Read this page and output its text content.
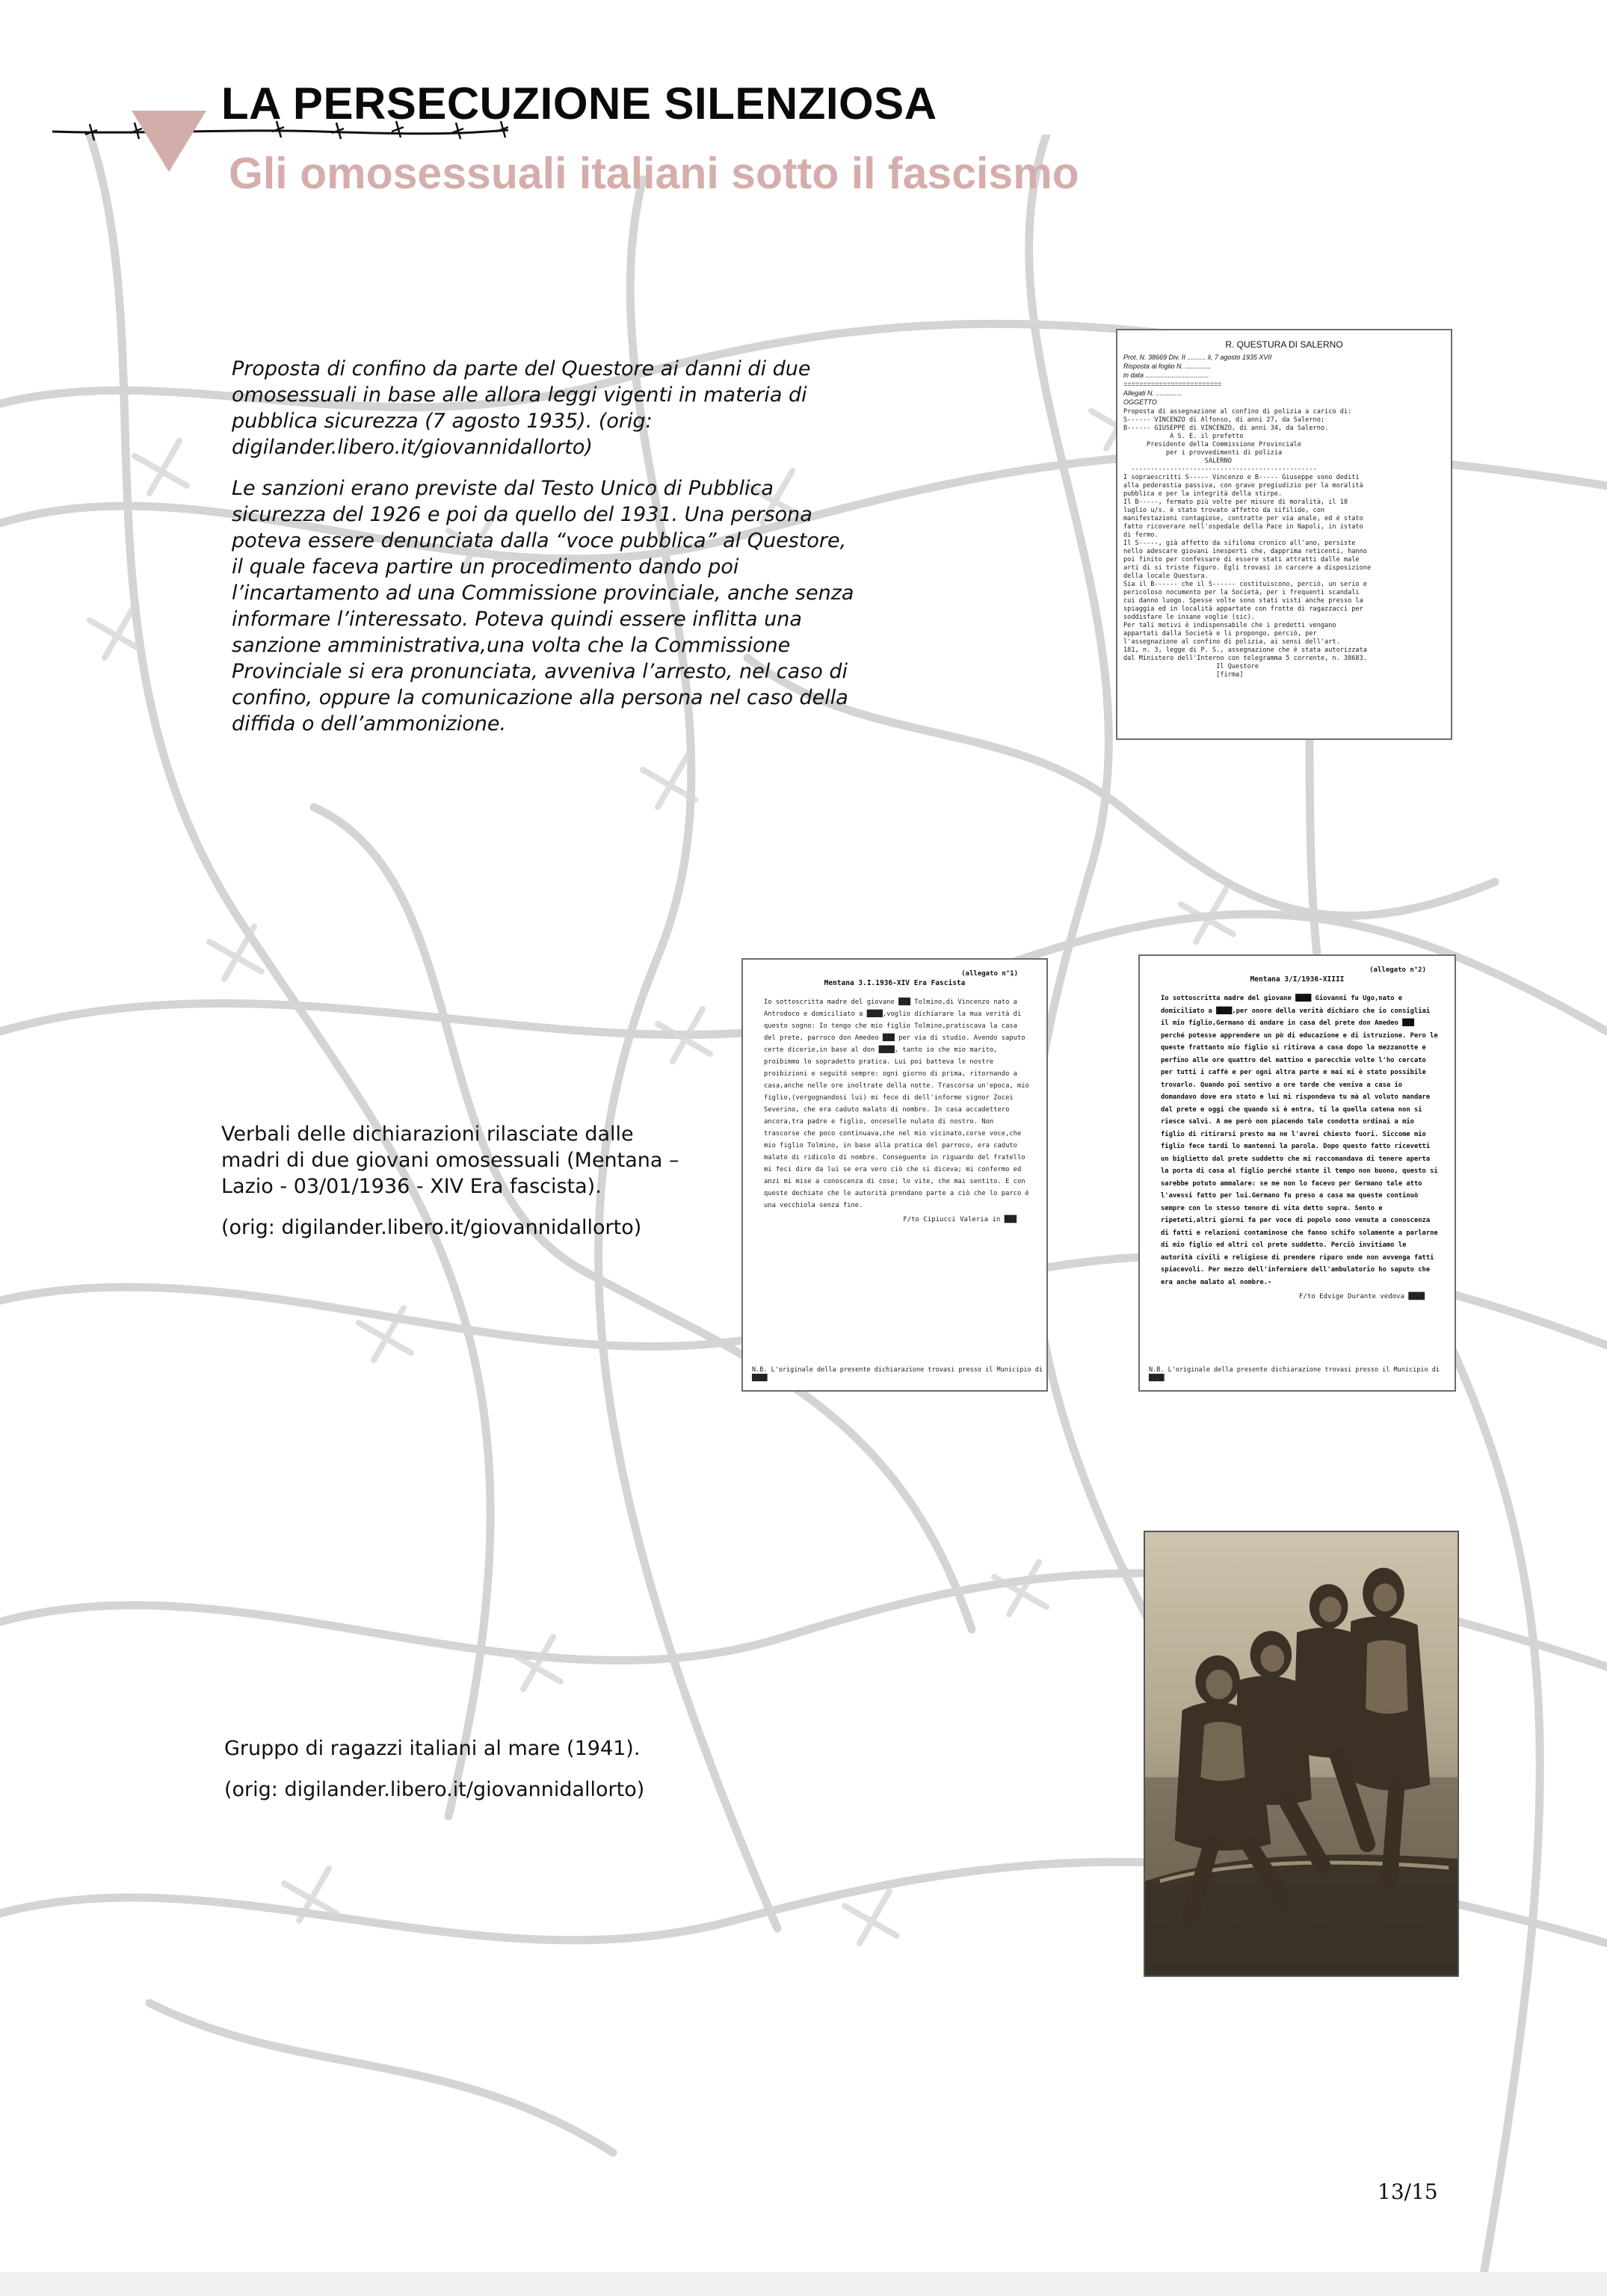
LA PERSECUZIONE SILENZIOSA
Gli omosessuali italiani sotto il fascismo

Proposta di confino da parte del Questore ai danni di due omosessuali in base alle allora leggi vigenti in materia di pubblica sicurezza (7 agosto 1935). (orig: digilander.libero.it/giovannidallorto)

Le sanzioni erano previste dal Testo Unico di Pubblica sicurezza del 1926 e poi da quello del 1931. Una persona poteva essere denunciata dalla “voce pubblica” al Questore, il quale faceva partire un procedimento dando poi l’incartamento ad una Commissione provinciale, anche senza informare l’interessato. Poteva quindi essere inflitta una sanzione amministrativa,una volta che la Commissione Provinciale si era pronunciata, avveniva l’arresto, nel caso di confino, oppure la comunicazione alla persona nel caso della diffida o dell’ammonizione.

R. QUESTURA DI SALERNO
Prot. N. 38669 Div. II .......... li, 7 agosto 1935 XVII
Risposta al foglio N. ..............
in data ..................................
=========================
Allegati N. ..............
OGGETTO
Proposta di assegnazione al confino di polizia a carico di:
S------ VINCENZO di Alfonso, di anni 27, da Salerno;
B------ GIUSEPPE di VINCENZO, di anni 34, da Salerno.
A S. E. il prefetto
Presidente della Commissione Provinciale
per i provvedimenti di polizia
SALERNO
------------------------------------------------
I sopraescritti S----- Vincenzo e B----- Giuseppe sono dediti
alla pederastia passiva, con grave pregiudizio per la moralità
pubblica e per la integrità della stirpe.
Il B-----, fermato più volte per misure di moralità, il 18
luglio u/s. è stato trovato affetto da sifilide, con
manifestazioni contagiose, contratte per via anale, ed è stato
fatto ricoverare nell'ospedale della Pace in Napoli, in istato
di fermo.
Il S-----, già affetto da sifiloma cronico all'ano, persiste
nello adescare giovani inesperti che, dapprima reticenti, hanno
poi finito per confessare di essere stati attratti dalle male
arti di si triste figuro. Egli trovasi in carcere a disposizione
della locale Questura.
Sia il B------ che il S------ costituiscono, perciò, un serio e
pericoloso nocumento per la Società, per i frequenti scandali
cui danno luogo. Spesse volte sono stati visti anche presso la
spiaggia ed in località appartate con frotte di ragazzacci per
soddisfare le insane voglie (sic).
Per tali motivi è indispensabile che i predetti vengano
appartati dalla Società e li propongo, perciò, per
l'assegnazione al confino di polizia, ai sensi dell'art.
181, n. 3, legge di P. S., assegnazione che è stata autorizzata
dal Ministero dell'Interno con telegramma 5 corrente, n. 38683.
Il Questore
[firma]

Verbali delle dichiarazioni rilasciate dalle madri di due giovani omosessuali (Mentana – Lazio - 03/01/1936 - XIV Era fascista).

(orig: digilander.libero.it/giovannidallorto)

(allegato n°1)
Mentana 3.I.1936-XIV Era Fascista
Io sottoscritta madre del giovane ███ Tolmino,di Vincenzo nato a Antrodoco e domiciliato a ████,voglio dichiarare la mua verità di questo sogno: Io tengo che mio figlio Tolmino,pratiscava la casa del prete, parroco don Amedeo ███ per via di studio. Avendo saputo certe dicerie,in base al don ████, tanto io che mio marito, proibimmo lo sopradetto pratica. Lui poi batteva le nostre proibizioni e seguitò sempre: ogni giorno di prima, ritornando a casa,anche nelle ore inoltrate della notte. Trascorsa un'epoca, mio figlio,(vergognandosi lui) mi fece di dell'informe signor Zocei Severino, che era caduto malato di nombre. In casa accadettero ancora,tra padre e figlio, onceselle nulato di nostro. Non trascorse che poco continuava,che nel mio vicinato,corse voce,che mio figlio Tolmino, in base alla pratica del parroco, era caduto malato di ridicolo di nombre. Conseguente in riguardo del fratello mi feci dire da lui se era vero ciò che si diceva; mi confermo ed anzi mi mise a conoscenza di cose; lo vite, che mai sentito. E con queste dechiate che le autorità prendano parte a ciò che lo parco è una vecchiola senza fine.
F/to Cipiucci Valeria in ███
N.B. L'originale della presente dichiarazione trovasi presso il Municipio di ████
(allegato n°2)
Mentana 3/I/1936-XIIII
Io sottoscritta madre del giovane ████ Giovanni fu Ugo,nato e domiciliato a ████,per onore della verità dichiaro che io consigliai il mio figlio,Germano di andare in casa del prete don Amedeo ███ perché potesse apprendere un pò di educazione e di istruzione. Pero le queste frattanto mio figlio si ritirava a casa dopo la mezzanotte e perfino alle ore quattro del mattino e parecchie volte l'ho cercato per tutti i caffè e per ogni altra parte e mai mi è stato possibile trovarlo. Quando poi sentivo a ore tarde che veniva a casa io domandavo dove era stato e lui mi rispondeva tu mà al voluto mandare dal prete e oggi che quando si è entra, ti la quella catena non si riesce salvi. A me però non piacendo tale condotta ordinai a mio figlio di ritirarsi presto ma ne l'avrei chiesto fuori. Siccome mio figlio fece tardi lo mantenni la parola. Dopo questo fatto ricevetti un biglietto dal prete suddetto che mi raccomandava di tenere aperta la porta di casa al figlio perché stante il tempo non buono, questo si sarebbe potuto ammalare: se me non lo facevo per Germano tale atto l'avessi fatto per lui.Germano fu preso a casa ma queste continuò sempre con lo stesso tenore di vita detto sopra. Sento e ripeteti,altri giorni fa per voce di popolo sono venuta a conoscenza di fatti e relazioni contaminose che fanno schifo solamente a parlarne di mio figlio ed altri col prete suddetto. Perciò invitiamo le autorità civili e religiose di prendere riparo onde non avvenga fatti spiacevoli. Per mezzo dell'infermiere dell'ambulatorio ho saputo che era anche malato al nombre.-
F/to Edvige Durante vedova ████
N.B. L'originale della presente dichiarazione trovasi presso il Municipio di ████

Gruppo di ragazzi italiani al mare (1941).

(orig: digilander.libero.it/giovannidallorto)

13/15
